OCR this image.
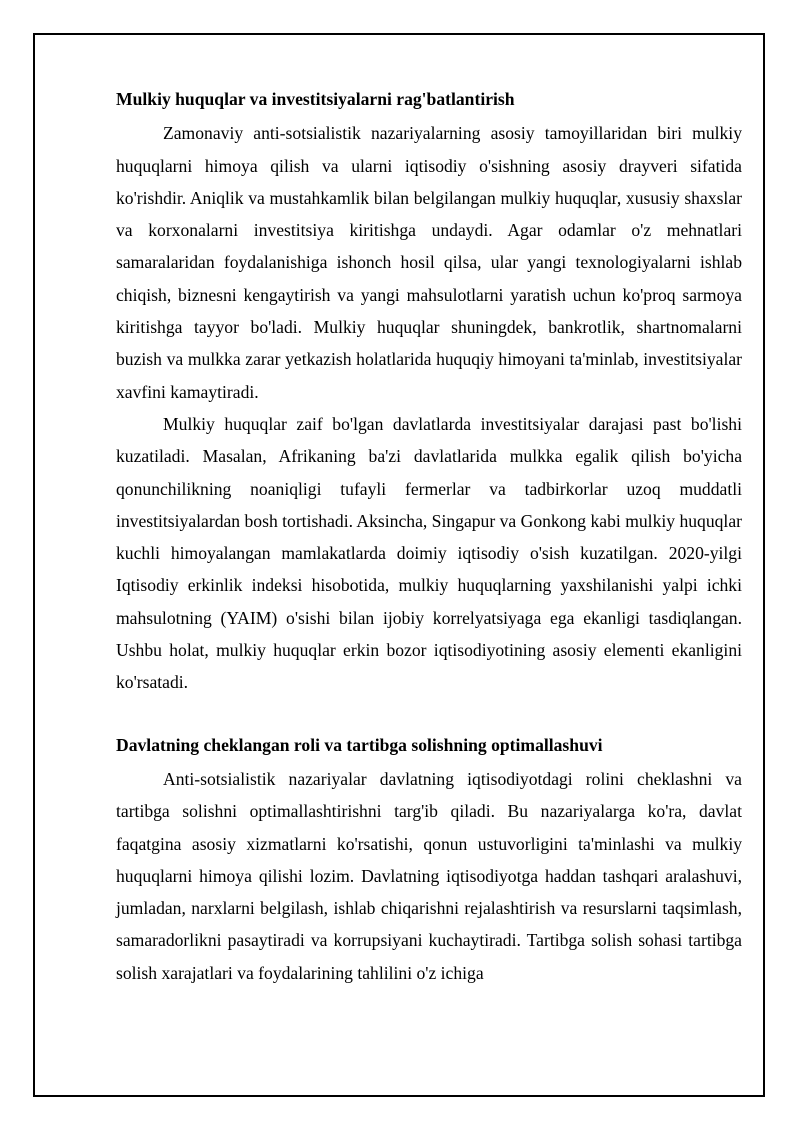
Mulkiy huquqlar va investitsiyalarni rag'batlantirish

Zamonaviy anti-sotsialistik nazariyalarning asosiy tamoyillaridan biri mulkiy huquqlarni himoya qilish va ularni iqtisodiy o'sishning asosiy drayveri sifatida ko'rishdir. Aniqlik va mustahkamlik bilan belgilangan mulkiy huquqlar, xususiy shaxslar va korxonalarni investitsiya kiritishga undaydi. Agar odamlar o'z mehnatlari samaralaridan foydalanishiga ishonch hosil qilsa, ular yangi texnologiyalarni ishlab chiqish, biznesni kengaytirish va yangi mahsulotlarni yaratish uchun ko'proq sarmoya kiritishga tayyor bo'ladi. Mulkiy huquqlar shuningdek, bankrotlik, shartnomalarni buzish va mulkka zarar yetkazish holatlarida huquqiy himoyani ta'minlab, investitsiyalar xavfini kamaytiradi.

Mulkiy huquqlar zaif bo'lgan davlatlarda investitsiyalar darajasi past bo'lishi kuzatiladi. Masalan, Afrikaning ba'zi davlatlarida mulkka egalik qilish bo'yicha qonunchilikning noaniqligi tufayli fermerlar va tadbirkorlar uzoq muddatli investitsiyalardan bosh tortishadi. Aksincha, Singapur va Gonkong kabi mulkiy huquqlar kuchli himoyalangan mamlakatlarda doimiy iqtisodiy o'sish kuzatilgan. 2020-yilgi Iqtisodiy erkinlik indeksi hisobotida, mulkiy huquqlarning yaxshilanishi yalpi ichki mahsulotning (YAIM) o'sishi bilan ijobiy korrelyatsiyaga ega ekanligi tasdiqlangan. Ushbu holat, mulkiy huquqlar erkin bozor iqtisodiyotining asosiy elementi ekanligini ko'rsatadi.

Davlatning cheklangan roli va tartibga solishning optimallashuvi

Anti-sotsialistik nazariyalar davlatning iqtisodiyotdagi rolini cheklashni va tartibga solishni optimallashtirishni targ'ib qiladi. Bu nazariyalarga ko'ra, davlat faqatgina asosiy xizmatlarni ko'rsatishi, qonun ustuvorligini ta'minlashi va mulkiy huquqlarni himoya qilishi lozim. Davlatning iqtisodiyotga haddan tashqari aralashuvi, jumladan, narxlarni belgilash, ishlab chiqarishni rejalashtirish va resurslarni taqsimlash, samaradorlikni pasaytiradi va korrupsiyani kuchaytiradi. Tartibga solish sohasi tartibga solish xarajatlari va foydalarining tahlilini o'z ichiga
